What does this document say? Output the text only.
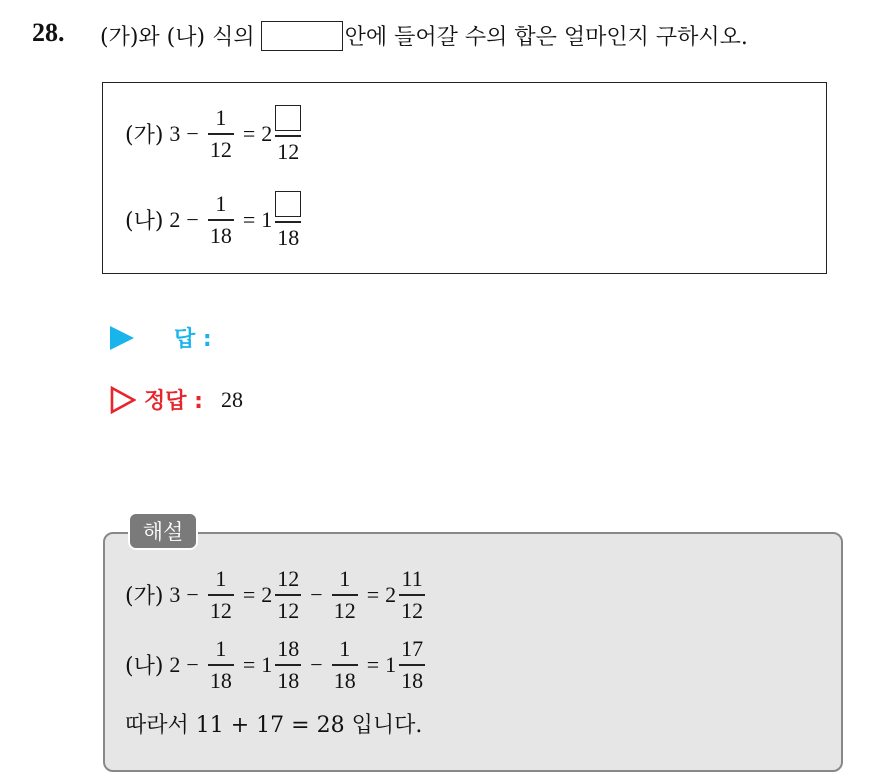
28. (가)와 (나) 식의	안에 들어갈 수의 합은 얼마인지 구하시오.
(가) $3 - \frac{1}{12} = 2$
12
(나) $2 - \frac{1}{18} = 1$
18
답 :
정답 : 28
(가) $3 - \frac{1}{12} = 2 \frac{12}{12} - \frac{1}{12} = 2 \frac{11}{12}$
(나) $2 - \frac{1}{18} = 1 \frac{18}{18} - \frac{1}{18} = 1 \frac{17}{18}$
따라서 11 + 17 = 28 입니다.
해설
